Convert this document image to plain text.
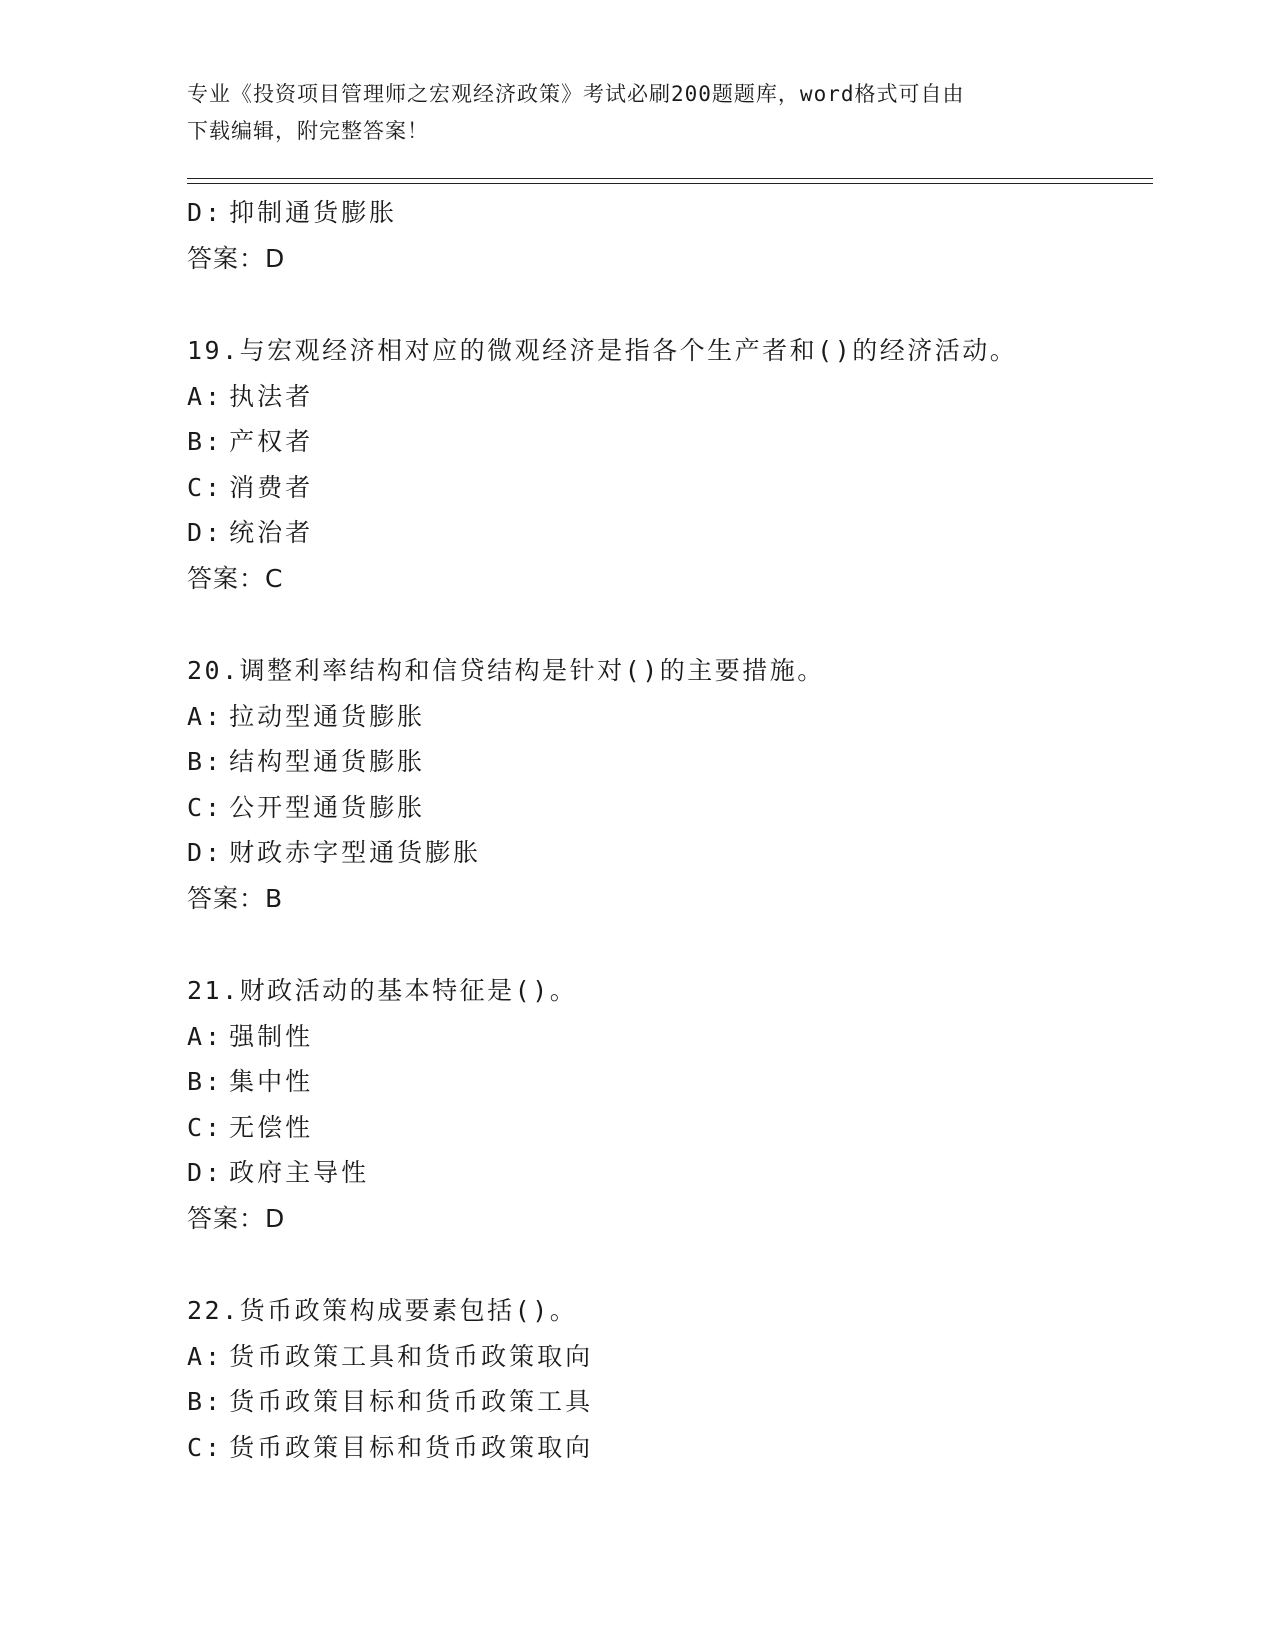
专业《投资项目管理师之宏观经济政策》考试必刷200题题库，word格式可自由
下载编辑，附完整答案！
D: 抑制通货膨胀
答案：D
19.与宏观经济相对应的微观经济是指各个生产者和()的经济活动。
A: 执法者
B: 产权者
C: 消费者
D: 统治者
答案：C
20.调整利率结构和信贷结构是针对()的主要措施。
A: 拉动型通货膨胀
B: 结构型通货膨胀
C: 公开型通货膨胀
D: 财政赤字型通货膨胀
答案：B
21.财政活动的基本特征是()。
A: 强制性
B: 集中性
C: 无偿性
D: 政府主导性
答案：D
22.货币政策构成要素包括()。
A: 货币政策工具和货币政策取向
B: 货币政策目标和货币政策工具
C: 货币政策目标和货币政策取向
